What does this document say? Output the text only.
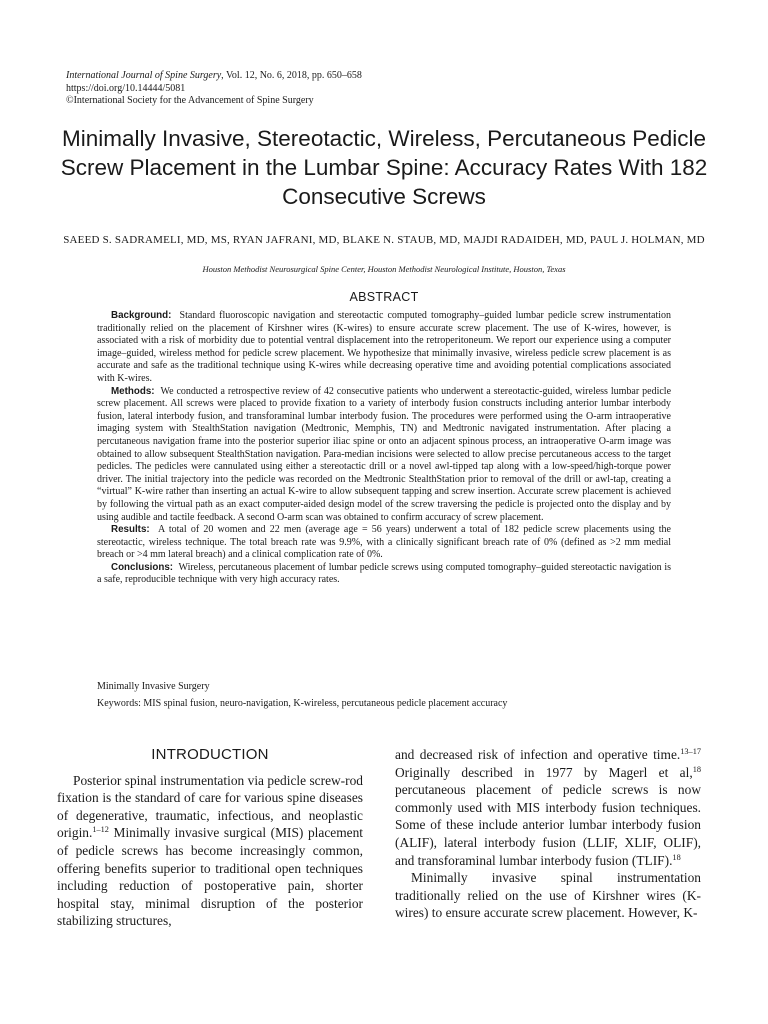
International Journal of Spine Surgery, Vol. 12, No. 6, 2018, pp. 650–658
https://doi.org/10.14444/5081
©International Society for the Advancement of Spine Surgery
Minimally Invasive, Stereotactic, Wireless, Percutaneous Pedicle Screw Placement in the Lumbar Spine: Accuracy Rates With 182 Consecutive Screws
SAEED S. SADRAMELI, MD, MS, RYAN JAFRANI, MD, BLAKE N. STAUB, MD, MAJDI RADAIDEH, MD, PAUL J. HOLMAN, MD
Houston Methodist Neurosurgical Spine Center, Houston Methodist Neurological Institute, Houston, Texas
ABSTRACT

Background: Standard fluoroscopic navigation and stereotactic computed tomography–guided lumbar pedicle screw instrumentation traditionally relied on the placement of Kirshner wires (K-wires) to ensure accurate screw placement. The use of K-wires, however, is associated with a risk of morbidity due to potential ventral displacement into the retroperitoneum. We report our experience using a computer image–guided, wireless method for pedicle screw placement. We hypothesize that minimally invasive, wireless pedicle screw placement is as accurate and safe as the traditional technique using K-wires while decreasing operative time and avoiding potential complications associated with K-wires.

Methods: We conducted a retrospective review of 42 consecutive patients who underwent a stereotactic-guided, wireless lumbar pedicle screw placement. All screws were placed to provide fixation to a variety of interbody fusion constructs including anterior lumbar interbody fusion, lateral interbody fusion, and transforaminal lumbar interbody fusion. The procedures were performed using the O-arm intraoperative imaging system with StealthStation navigation (Medtronic, Memphis, TN) and Medtronic navigated instrumentation. After placing a percutaneous navigation frame into the posterior superior iliac spine or onto an adjacent spinous process, an intraoperative O-arm image was obtained to allow subsequent StealthStation navigation. Para-median incisions were selected to allow precise percutaneous access to the target pedicles. The pedicles were cannulated using either a stereotactic drill or a novel awl-tipped tap along with a low-speed/high-torque power driver. The initial trajectory into the pedicle was recorded on the Medtronic StealthStation prior to removal of the drill or awl-tap, creating a “virtual” K-wire rather than inserting an actual K-wire to allow subsequent tapping and screw insertion. Accurate screw placement is achieved by following the virtual path as an exact computer-aided design model of the screw traversing the pedicle is projected onto the display and by using audible and tactile feedback. A second O-arm scan was obtained to confirm accuracy of screw placement.

Results: A total of 20 women and 22 men (average age = 56 years) underwent a total of 182 pedicle screw placements using the stereotactic, wireless technique. The total breach rate was 9.9%, with a clinically significant breach rate of 0% (defined as >2 mm medial breach or >4 mm lateral breach) and a clinical complication rate of 0%.

Conclusions: Wireless, percutaneous placement of lumbar pedicle screws using computed tomography–guided stereotactic navigation is a safe, reproducible technique with very high accuracy rates.

Minimally Invasive Surgery
Keywords: MIS spinal fusion, neuro-navigation, K-wireless, percutaneous pedicle placement accuracy
INTRODUCTION

Posterior spinal instrumentation via pedicle screw-rod fixation is the standard of care for various spine diseases of degenerative, traumatic, infectious, and neoplastic origin.$^{1-12}$ Minimally invasive surgical (MIS) placement of pedicle screws has become increasingly common, offering benefits superior to traditional open techniques including reduction of postoperative pain, shorter hospital stay, minimal disruption of the posterior stabilizing structures,

and decreased risk of infection and operative time.$^{13-17}$ Originally described in 1977 by Magerl et al,$^{18}$ percutaneous placement of pedicle screws is now commonly used with MIS interbody fusion techniques. Some of these include anterior lumbar interbody fusion (ALIF), lateral interbody fusion (LLIF, XLIF, OLIF), and transforaminal lumbar interbody fusion (TLIF).$^{18}$

Minimally invasive spinal instrumentation traditionally relied on the use of Kirshner wires (K-wires) to ensure accurate screw placement. However, K-
